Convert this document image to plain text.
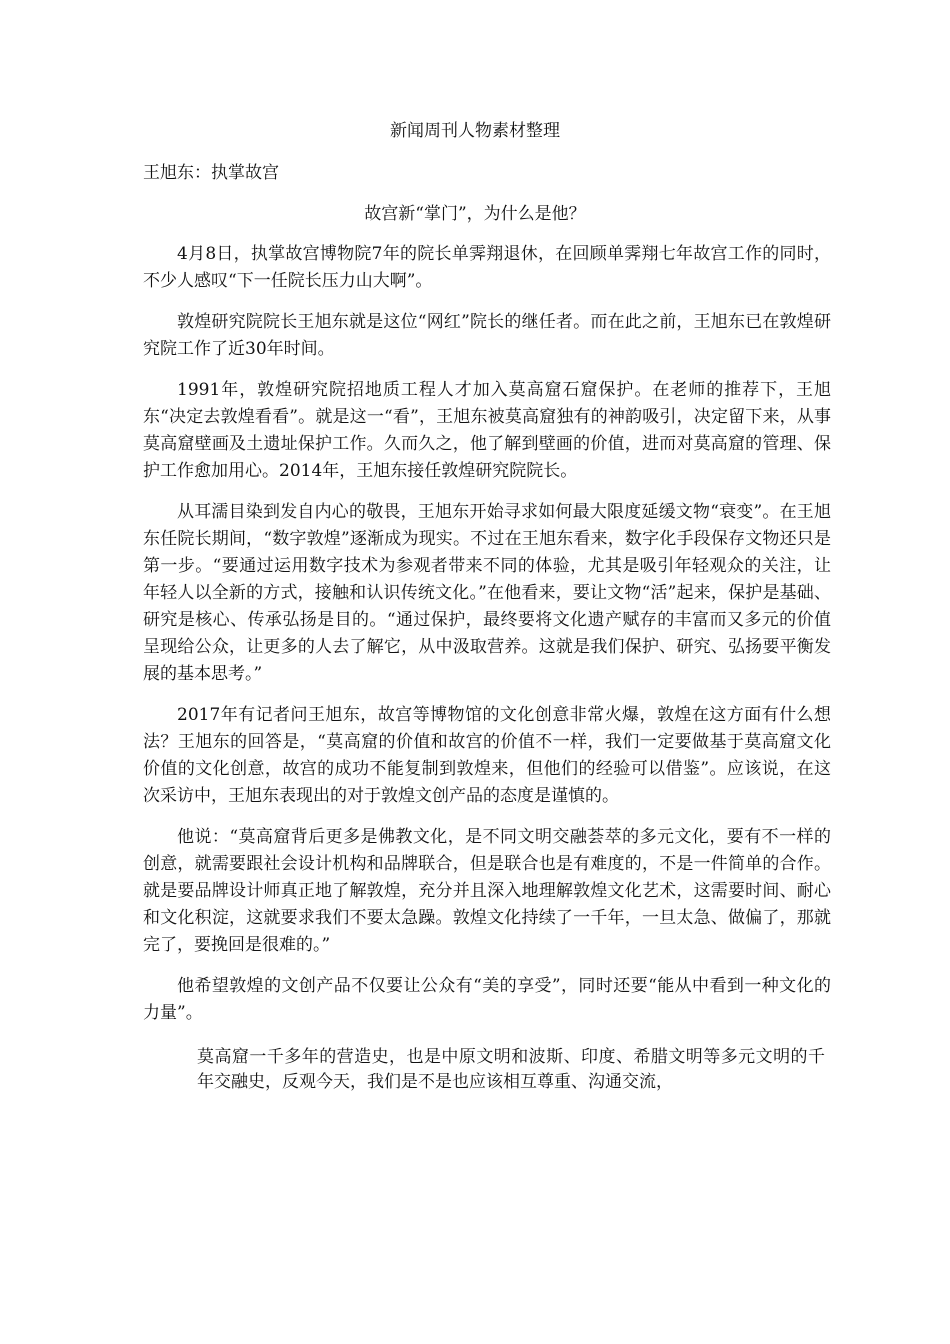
新闻周刊人物素材整理
王旭东：执掌故宫
故宫新“掌门”，为什么是他？

4月8日，执掌故宫博物院7年的院长单霁翔退休，在回顾单霁翔七年故宫工作的同时，不少人感叹“下一任院长压力山大啊”。

敦煌研究院院长王旭东就是这位“网红”院长的继任者。而在此之前，王旭东已在敦煌研究院工作了近30年时间。

1991年，敦煌研究院招地质工程人才加入莫高窟石窟保护。在老师的推荐下，王旭东“决定去敦煌看看”。就是这一“看”，王旭东被莫高窟独有的神韵吸引，决定留下来，从事莫高窟壁画及土遗址保护工作。久而久之，他了解到壁画的价值，进而对莫高窟的管理、保护工作愈加用心。2014年，王旭东接任敦煌研究院院长。

从耳濡目染到发自内心的敬畏，王旭东开始寻求如何最大限度延缓文物“衰变”。在王旭东任院长期间，“数字敦煌”逐渐成为现实。不过在王旭东看来，数字化手段保存文物还只是第一步。“要通过运用数字技术为参观者带来不同的体验，尤其是吸引年轻观众的关注，让年轻人以全新的方式，接触和认识传统文化。”在他看来，要让文物“活”起来，保护是基础、研究是核心、传承弘扬是目的。“通过保护，最终要将文化遗产赋存的丰富而又多元的价值呈现给公众，让更多的人去了解它，从中汲取营养。这就是我们保护、研究、弘扬要平衡发展的基本思考。”

2017年有记者问王旭东，故宫等博物馆的文化创意非常火爆，敦煌在这方面有什么想法？王旭东的回答是，“莫高窟的价值和故宫的价值不一样，我们一定要做基于莫高窟文化价值的文化创意，故宫的成功不能复制到敦煌来，但他们的经验可以借鉴”。应该说，在这次采访中，王旭东表现出的对于敦煌文创产品的态度是谨慎的。

他说：“莫高窟背后更多是佛教文化，是不同文明交融荟萃的多元文化，要有不一样的创意，就需要跟社会设计机构和品牌联合，但是联合也是有难度的，不是一件简单的合作。就是要品牌设计师真正地了解敦煌，充分并且深入地理解敦煌文化艺术，这需要时间、耐心和文化积淀，这就要求我们不要太急躁。敦煌文化持续了一千年，一旦太急、做偏了，那就完了，要挽回是很难的。”

他希望敦煌的文创产品不仅要让公众有“美的享受”，同时还要“能从中看到一种文化的力量”。

莫高窟一千多年的营造史，也是中原文明和波斯、印度、希腊文明等多元文明的千年交融史，反观今天，我们是不是也应该相互尊重、沟通交流，
